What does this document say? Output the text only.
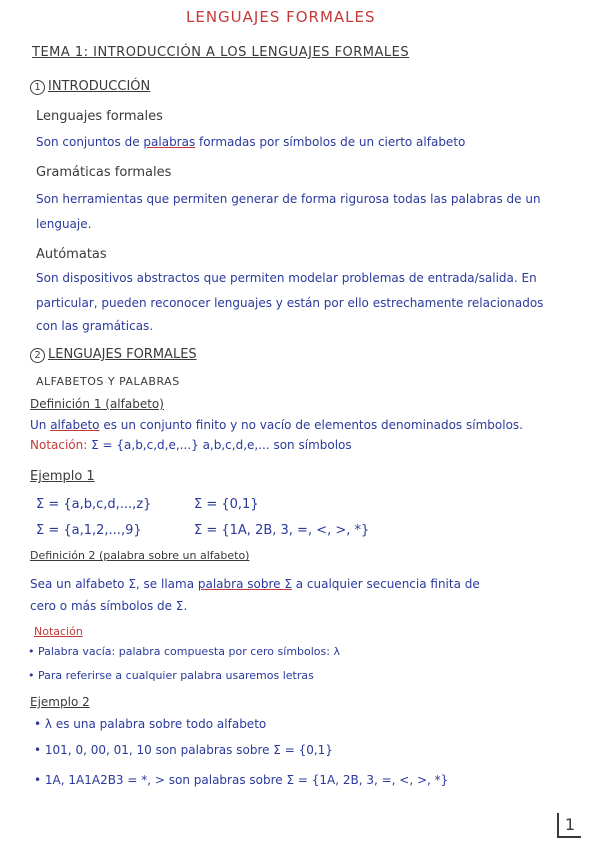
LENGUAJES FORMALES
TEMA 1: INTRODUCCIÓN A LOS LENGUAJES FORMALES
1 INTRODUCCIÓN
Lenguajes formales
Son conjuntos de palabras formadas por símbolos de un cierto alfabeto
Gramáticas formales
Son herramientas que permiten generar de forma rigurosa todas las palabras de un
lenguaje.
Autómatas
Son dispositivos abstractos que permiten modelar problemas de entrada/salida. En
particular, pueden reconocer lenguajes y están por ello estrechamente relacionados
con las gramáticas.
2 LENGUAJES FORMALES
ALFABETOS Y PALABRAS
Definición 1 (alfabeto)
Un alfabeto es un conjunto finito y no vacío de elementos denominados símbolos.
Notación: Σ = {a,b,c,d,e,...} a,b,c,d,e,... son símbolos
Ejemplo 1
Σ = {a,b,c,d,...,z}	Σ = {0,1}
Σ = {a,1,2,...,9}	Σ = {1A, 2B, 3, =, <, >, *}
Definición 2 (palabra sobre un alfabeto)
Sea un alfabeto Σ, se llama palabra sobre Σ a cualquier secuencia finita de
cero o más símbolos de Σ.
Notación
• Palabra vacía: palabra compuesta por cero símbolos: λ
• Para referirse a cualquier palabra usaremos letras
Ejemplo 2
• λ es una palabra sobre todo alfabeto
• 101, 0, 00, 01, 10 son palabras sobre Σ = {0,1}
• 1A, 1A1A2B3 = *, > son palabras sobre Σ = {1A, 2B, 3, =, <, >, *}
1
